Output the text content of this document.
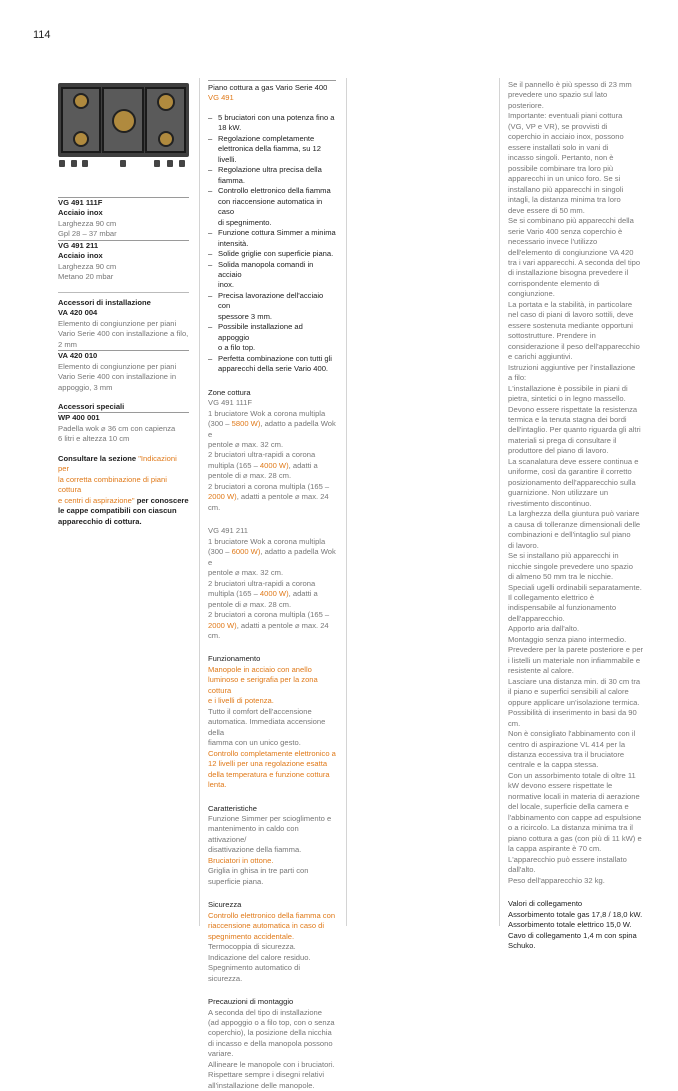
114

VG 491 111F

Acciaio inox

Larghezza 90 cm

Gpl 28 – 37 mbar

VG 491 211

Acciaio inox

Larghezza 90 cm

Metano 20 mbar

Accessori di installazione

VA 420 004

Elemento di congiunzione per piani

Vario Serie 400 con installazione a filo,

2 mm

VA 420 010

Elemento di congiunzione per piani

Vario Serie 400 con installazione in

appoggio, 3 mm

Accessori speciali

WP 400 001

Padella wok ⌀ 36 cm con capienza

6 litri e altezza 10 cm

Consultare la sezione "Indicazioni per

la corretta combinazione di piani cottura

e centri di aspirazione" per conoscere

le cappe compatibili con ciascun

apparecchio di cottura.

Piano cottura a gas Vario Serie 400

VG 491

– 5 bruciatori con una potenza fino a
18 kW.
– Regolazione completamente
elettronica della fiamma, su 12 livelli.
– Regolazione ultra precisa della
fiamma.
– Controllo elettronico della fiamma
con riaccensione automatica in caso
di spegnimento.
– Funzione cottura Simmer a minima
intensità.
– Solide griglie con superficie piana.
– Solida manopola comandi in acciaio
inox.
– Precisa lavorazione dell'acciaio con
spessore 3 mm.
– Possibile installazione ad appoggio
o a filo top.
– Perfetta combinazione con tutti gli
apparecchi della serie Vario 400.

Zone cottura

VG 491 111F

1 bruciatore Wok a corona multipla

(300 – 5800 W), adatto a padella Wok e

pentole ⌀ max. 32 cm.

2 bruciatori ultra-rapidi a corona

multipla (165 – 4000 W), adatti a

pentole di ⌀ max. 28 cm.

2 bruciatori a corona multipla (165 –

2000 W), adatti a pentole ⌀ max. 24 cm.

VG 491 211

1 bruciatore Wok a corona multipla

(300 – 6000 W), adatto a padella Wok e

pentole ⌀ max. 32 cm.

2 bruciatori ultra-rapidi a corona

multipla (165 – 4000 W), adatti a

pentole di ⌀ max. 28 cm.

2 bruciatori a corona multipla (165 –

2000 W), adatti a pentole ⌀ max. 24 cm.

Funzionamento

Manopole in acciaio con anello

luminoso e serigrafia per la zona cottura

e i livelli di potenza.

Tutto il comfort dell'accensione

automatica. Immediata accensione della

fiamma con un unico gesto.

Controllo completamente elettronico a

12 livelli per una regolazione esatta

della temperatura e funzione cottura

lenta.

Caratteristiche

Funzione Simmer per scioglimento e

mantenimento in caldo con attivazione/

disattivazione della fiamma.

Bruciatori in ottone.

Griglia in ghisa in tre parti con

superficie piana.

Sicurezza

Controllo elettronico della fiamma con

riaccensione automatica in caso di

spegnimento accidentale.

Termocoppia di sicurezza.

Indicazione del calore residuo.

Spegnimento automatico di sicurezza.

Precauzioni di montaggio

A seconda del tipo di installazione

(ad appoggio o a filo top, con o senza

coperchio), la posizione della nicchia

di incasso e della manopola possono

variare.

Allineare le manopole con i bruciatori.

Rispettare sempre i disegni relativi

all'installazione delle manopole.

Se il pannello è più spesso di 23 mm

prevedere uno spazio sul lato

posteriore.

Importante: eventuali piani cottura

(VG, VP e VR), se provvisti di

coperchio in acciaio inox, possono

essere installati solo in vani di

incasso singoli. Pertanto, non è

possibile combinare tra loro più

apparecchi in un unico foro. Se si

installano più apparecchi in singoli

intagli, la distanza minima tra loro

deve essere di 50 mm.

Se si combinano più apparecchi della

serie Vario 400 senza coperchio è

necessario invece l'utilizzo

dell'elemento di congiunzione VA 420

tra i vari apparecchi. A seconda del tipo

di installazione bisogna prevedere il

corrispondente elemento di

congiunzione.

La portata e la stabilità, in particolare

nel caso di piani di lavoro sottili, deve

essere sostenuta mediante opportuni

sottostrutture. Prendere in

considerazione il peso dell'apparecchio

e carichi aggiuntivi.

Istruzioni aggiuntive per l'installazione

a filo:

L'installazione è possibile in piani di

pietra, sintetici o in legno massello.

Devono essere rispettate la resistenza

termica e la tenuta stagna dei bordi

dell'intaglio. Per quanto riguarda gli altri

materiali si prega di consultare il

produttore del piano di lavoro.

La scanalatura deve essere continua e

uniforme, così da garantire il corretto

posizionamento dell'apparecchio sulla

guarnizione. Non utilizzare un

rivestimento discontinuo.

La larghezza della giuntura può variare

a causa di tolleranze dimensionali delle

combinazioni e dell'intaglio sul piano

di lavoro.

Se si installano più apparecchi in

nicchie singole prevedere uno spazio

di almeno 50 mm tra le nicchie.

Speciali ugelli ordinabili separatamente.

Il collegamento elettrico è

indispensabile al funzionamento

dell'apparecchio.

Apporto aria dall'alto.

Montaggio senza piano intermedio.

Prevedere per la parete posteriore e per

i listelli un materiale non infiammabile e

resistente al calore.

Lasciare una distanza min. di 30 cm tra

il piano e superfici sensibili al calore

oppure applicare un'isolazione termica.

Possibilità di inserimento in basi da 90 cm.

Non è consigliato l'abbinamento con il

centro di aspirazione VL 414 per la

distanza eccessiva tra il bruciatore

centrale e la cappa stessa.

Con un assorbimento totale di oltre 11

kW devono essere rispettate le

normative locali in materia di aerazione

del locale, superficie della camera e

l'abbinamento con cappe ad espulsione

o a ricircolo. La distanza minima tra il

piano cottura a gas (con più di 11 kW) e

la cappa aspirante è 70 cm.

L'apparecchio può essere installato

dall'alto.

Peso dell'apparecchio 32 kg.

Valori di collegamento

Assorbimento totale gas 17,8 / 18,0 kW.

Assorbimento totale elettrico 15,0 W.

Cavo di collegamento 1,4 m con spina

Schuko.
